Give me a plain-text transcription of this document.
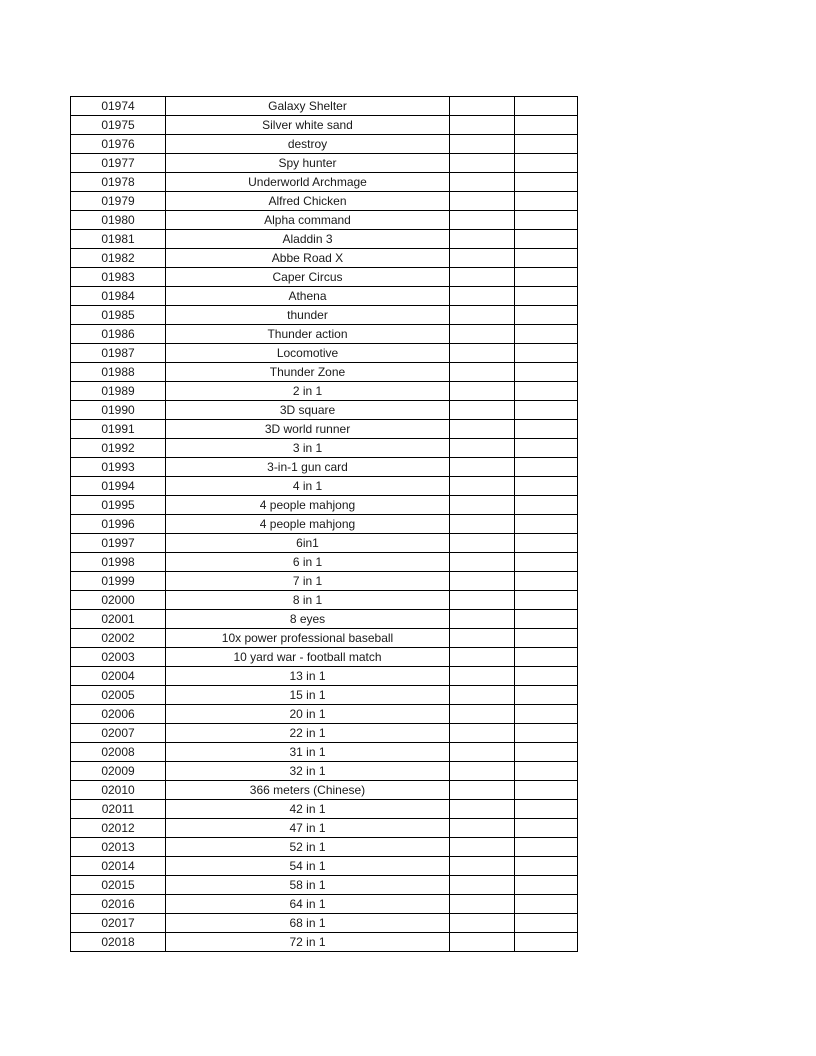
01974	Galaxy Shelter		
01975	Silver white sand		
01976	destroy		
01977	Spy hunter		
01978	Underworld Archmage		
01979	Alfred Chicken		
01980	Alpha command		
01981	Aladdin 3		
01982	Abbe Road X		
01983	Caper Circus		
01984	Athena		
01985	thunder		
01986	Thunder action		
01987	Locomotive		
01988	Thunder Zone		
01989	2 in 1		
01990	3D square		
01991	3D world runner		
01992	3 in 1		
01993	3-in-1 gun card		
01994	4 in 1		
01995	4 people mahjong		
01996	4 people mahjong		
01997	6in1		
01998	6 in 1		
01999	7 in 1		
02000	8 in 1		
02001	8 eyes		
02002	10x power professional baseball		
02003	10 yard war - football match		
02004	13 in 1		
02005	15 in 1		
02006	20 in 1		
02007	22 in 1		
02008	31 in 1		
02009	32 in 1		
02010	366 meters (Chinese)		
02011	42 in 1		
02012	47 in 1		
02013	52 in 1		
02014	54 in 1		
02015	58 in 1		
02016	64 in 1		
02017	68 in 1		
02018	72 in 1		
